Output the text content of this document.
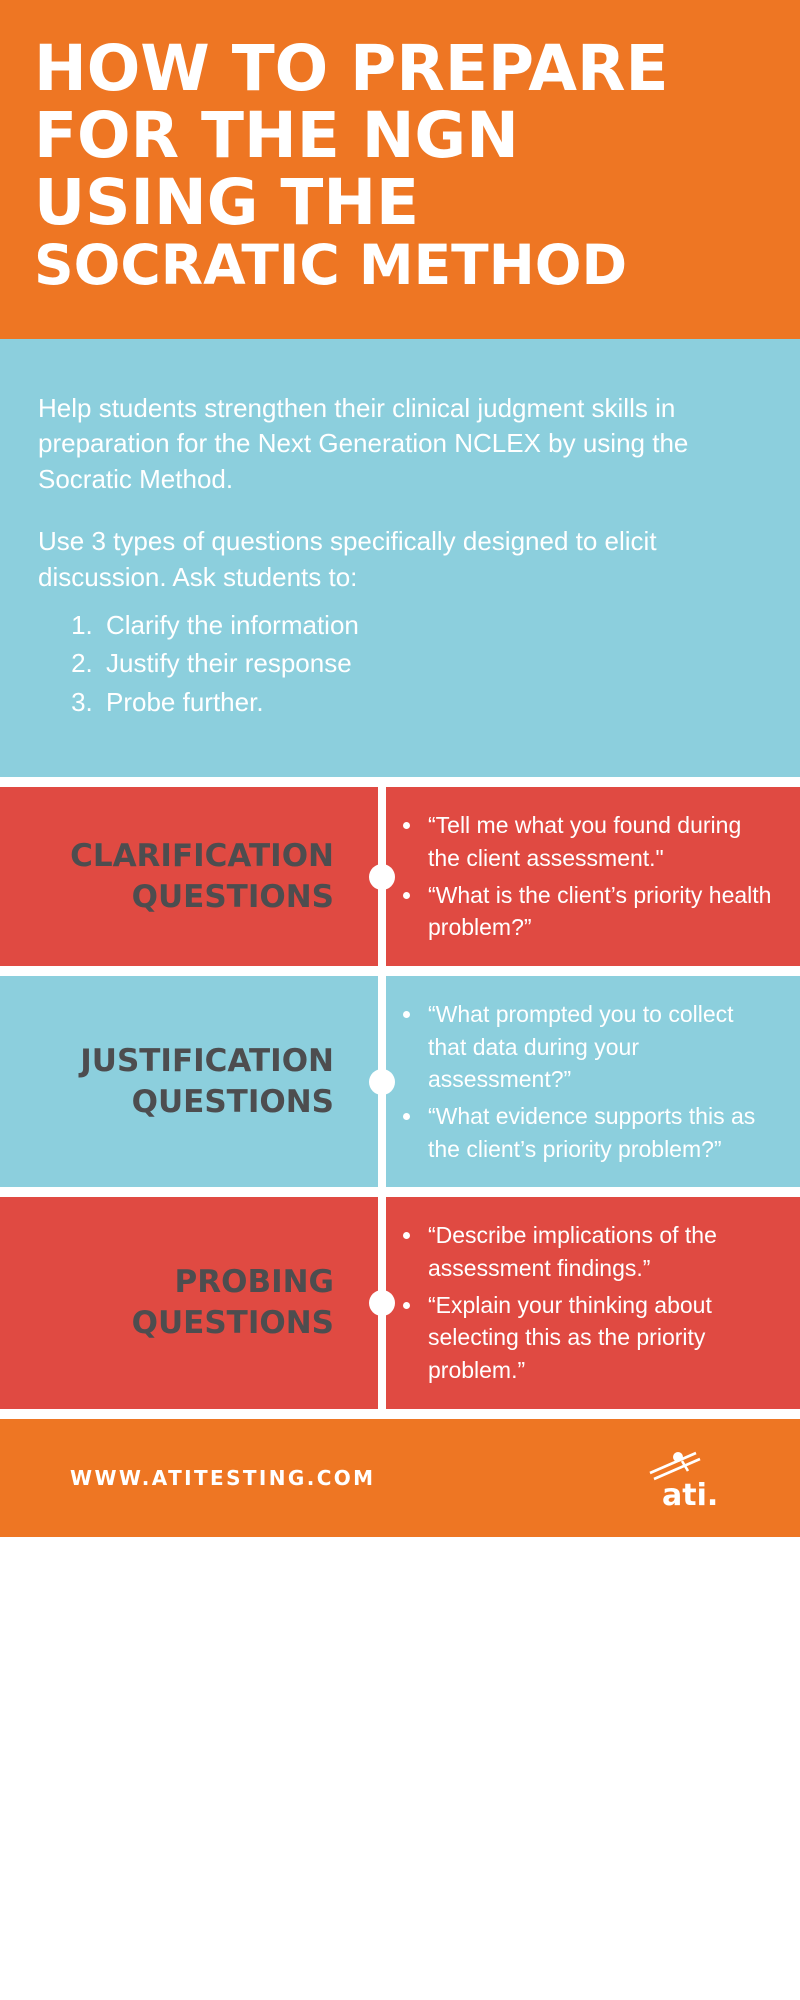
HOW TO PREPARE
FOR THE NGN
USING THE
SOCRATIC METHOD

Help students strengthen their clinical judgment skills in preparation for the Next Generation NCLEX by using the Socratic Method.

Use 3 types of questions specifically designed to elicit discussion. Ask students to:

1. Clarify the information
2. Justify their response
3. Probe further.
CLARIFICATION
QUESTIONS
• “Tell me what you found during the client assessment."
• “What is the client’s priority health problem?”
JUSTIFICATION
QUESTIONS
• “What prompted you to collect that data during your assessment?”
• “What evidence supports this as the client’s priority problem?”
PROBING
QUESTIONS
• “Describe implications of the assessment findings.”
• “Explain your thinking about selecting this as the priority problem.”
WWW.ATITESTING.COM	ati.
